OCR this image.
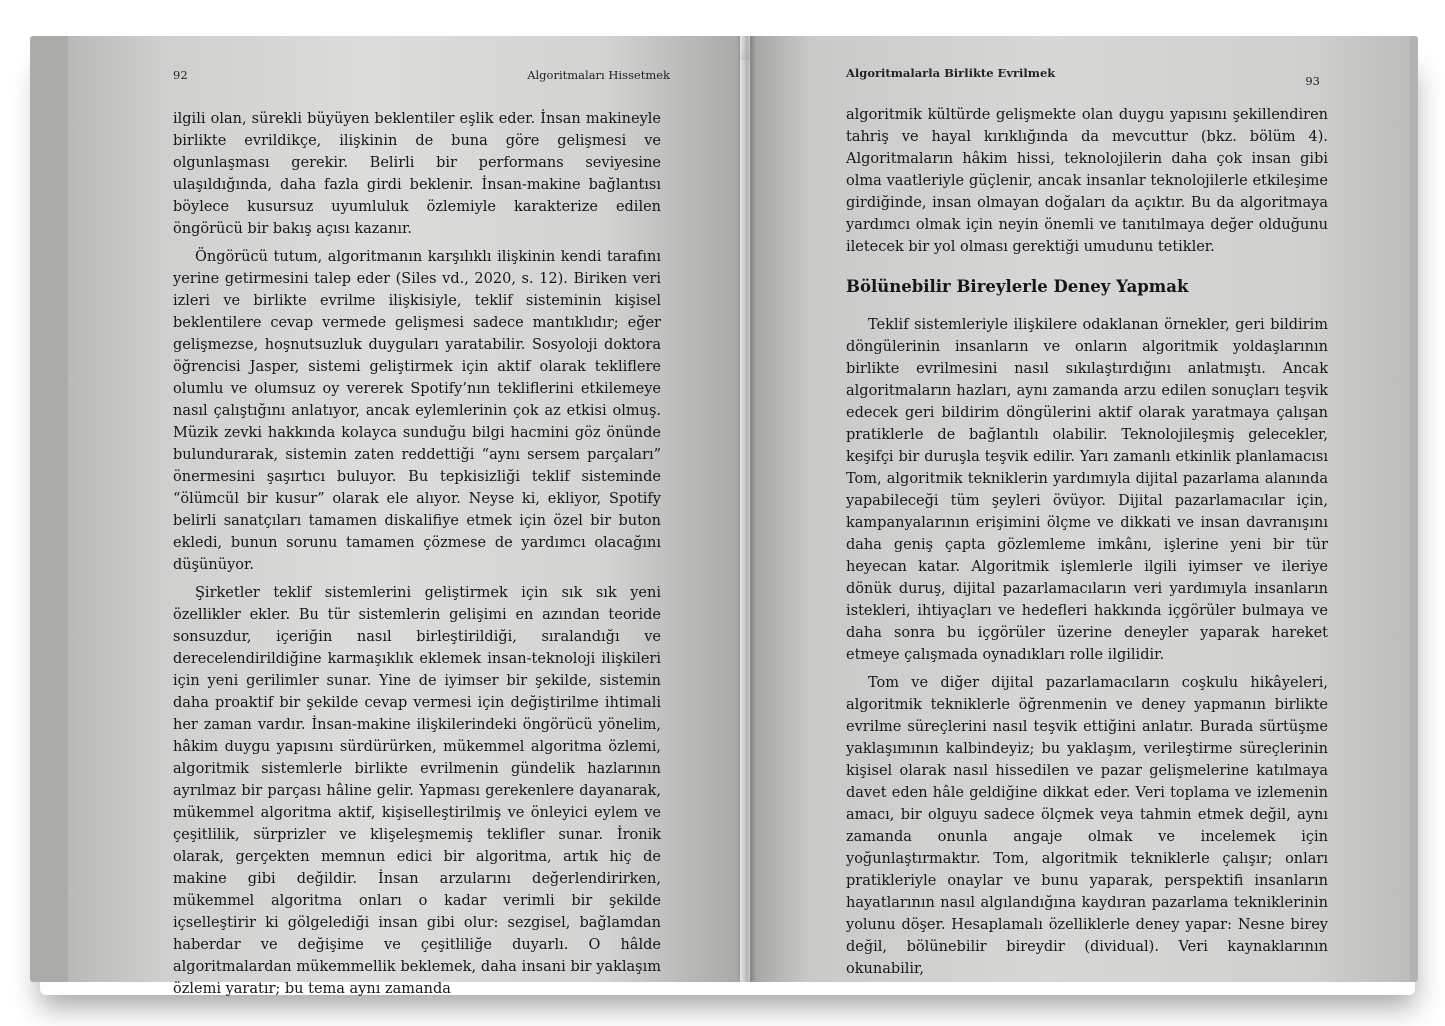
92	Algoritmaları Hissetmek

ilgili olan, sürekli büyüyen beklentiler eşlik eder. İnsan makineyle birlikte evrildikçe, ilişkinin de buna göre gelişmesi ve olgunlaşması gerekir. Belirli bir performans seviyesine ulaşıldığında, daha fazla girdi beklenir. İnsan-makine bağlantısı böylece kusursuz uyumluluk özlemiyle karakterize edilen öngörücü bir bakış açısı kazanır.

Öngörücü tutum, algoritmanın karşılıklı ilişkinin kendi tarafını yerine getirmesini talep eder (Siles vd., 2020, s. 12). Biriken veri izleri ve birlikte evrilme ilişkisiyle, teklif sisteminin kişisel beklentilere cevap vermede gelişmesi sadece mantıklıdır; eğer gelişmezse, hoşnutsuzluk duyguları yaratabilir. Sosyoloji doktora öğrencisi Jasper, sistemi geliştirmek için aktif olarak tekliflere olumlu ve olumsuz oy vererek Spotify’nın tekliflerini etkilemeye nasıl çalıştığını anlatıyor, ancak eylemlerinin çok az etkisi olmuş. Müzik zevki hakkında kolayca sunduğu bilgi hacmini göz önünde bulundurarak, sistemin zaten reddettiği “aynı sersem parçaları” önermesini şaşırtıcı buluyor. Bu tepkisizliği teklif sisteminde “ölümcül bir kusur” olarak ele alıyor. Neyse ki, ekliyor, Spotify belirli sanatçıları tamamen diskalifiye etmek için özel bir buton ekledi, bunun sorunu tamamen çözmese de yardımcı olacağını düşünüyor.

Şirketler teklif sistemlerini geliştirmek için sık sık yeni özellikler ekler. Bu tür sistemlerin gelişimi en azından teoride sonsuzdur, içeriğin nasıl birleştirildiği, sıralandığı ve derecelendirildiğine karmaşıklık eklemek insan-teknoloji ilişkileri için yeni gerilimler sunar. Yine de iyimser bir şekilde, sistemin daha proaktif bir şekilde cevap vermesi için değiştirilme ihtimali her zaman vardır. İnsan-makine ilişkilerindeki öngörücü yönelim, hâkim duygu yapısını sürdürürken, mükemmel algoritma özlemi, algoritmik sistemlerle birlikte evrilmenin gündelik hazlarının ayrılmaz bir parçası hâline gelir. Yapması gerekenlere dayanarak, mükemmel algoritma aktif, kişiselleştirilmiş ve önleyici eylem ve çeşitlilik, sürprizler ve klişeleşmemiş teklifler sunar. İronik olarak, gerçekten memnun edici bir algoritma, artık hiç de makine gibi değildir. İnsan arzularını değerlendirirken, mükemmel algoritma onları o kadar verimli bir şekilde içselleştirir ki gölgelediği insan gibi olur: sezgisel, bağlamdan haberdar ve değişime ve çeşitliliğe duyarlı. O hâlde algoritmalardan mükemmellik beklemek, daha insani bir yaklaşım özlemi yaratır; bu tema aynı zamanda

Algoritmalarla Birlikte Evrilmek
93

algoritmik kültürde gelişmekte olan duygu yapısını şekillendiren tahriş ve hayal kırıklığında da mevcuttur (bkz. bölüm 4). Algoritmaların hâkim hissi, teknolojilerin daha çok insan gibi olma vaatleriyle güçlenir, ancak insanlar teknolojilerle etkileşime girdiğinde, insan olmayan doğaları da açıktır. Bu da algoritmaya yardımcı olmak için neyin önemli ve tanıtılmaya değer olduğunu iletecek bir yol olması gerektiği umudunu tetikler.

Bölünebilir Bireylerle Deney Yapmak

Teklif sistemleriyle ilişkilere odaklanan örnekler, geri bildirim döngülerinin insanların ve onların algoritmik yoldaşlarının birlikte evrilmesini nasıl sıkılaştırdığını anlatmıştı. Ancak algoritmaların hazları, aynı zamanda arzu edilen sonuçları teşvik edecek geri bildirim döngülerini aktif olarak yaratmaya çalışan pratiklerle de bağlantılı olabilir. Teknolojileşmiş gelecekler, keşifçi bir duruşla teşvik edilir. Yarı zamanlı etkinlik planlamacısı Tom, algoritmik tekniklerin yardımıyla dijital pazarlama alanında yapabileceği tüm şeyleri övüyor. Dijital pazarlamacılar için, kampanyalarının erişimini ölçme ve dikkati ve insan davranışını daha geniş çapta gözlemleme imkânı, işlerine yeni bir tür heyecan katar. Algoritmik işlemlerle ilgili iyimser ve ileriye dönük duruş, dijital pazarlamacıların veri yardımıyla insanların istekleri, ihtiyaçları ve hedefleri hakkında içgörüler bulmaya ve daha sonra bu içgörüler üzerine deneyler yaparak hareket etmeye çalışmada oynadıkları rolle ilgilidir.

Tom ve diğer dijital pazarlamacıların coşkulu hikâyeleri, algoritmik tekniklerle öğrenmenin ve deney yapmanın birlikte evrilme süreçlerini nasıl teşvik ettiğini anlatır. Burada sürtüşme yaklaşımının kalbindeyiz; bu yaklaşım, verileştirme süreçlerinin kişisel olarak nasıl hissedilen ve pazar gelişmelerine katılmaya davet eden hâle geldiğine dikkat eder. Veri toplama ve izlemenin amacı, bir olguyu sadece ölçmek veya tahmin etmek değil, aynı zamanda onunla angaje olmak ve incelemek için yoğunlaştırmaktır. Tom, algoritmik tekniklerle çalışır; onları pratikleriyle onaylar ve bunu yaparak, perspektifi insanların hayatlarının nasıl algılandığına kaydıran pazarlama tekniklerinin yolunu döşer. Hesaplamalı özelliklerle deney yapar: Nesne birey değil, bölünebilir bireydir (dividual). Veri kaynaklarının okunabilir,
